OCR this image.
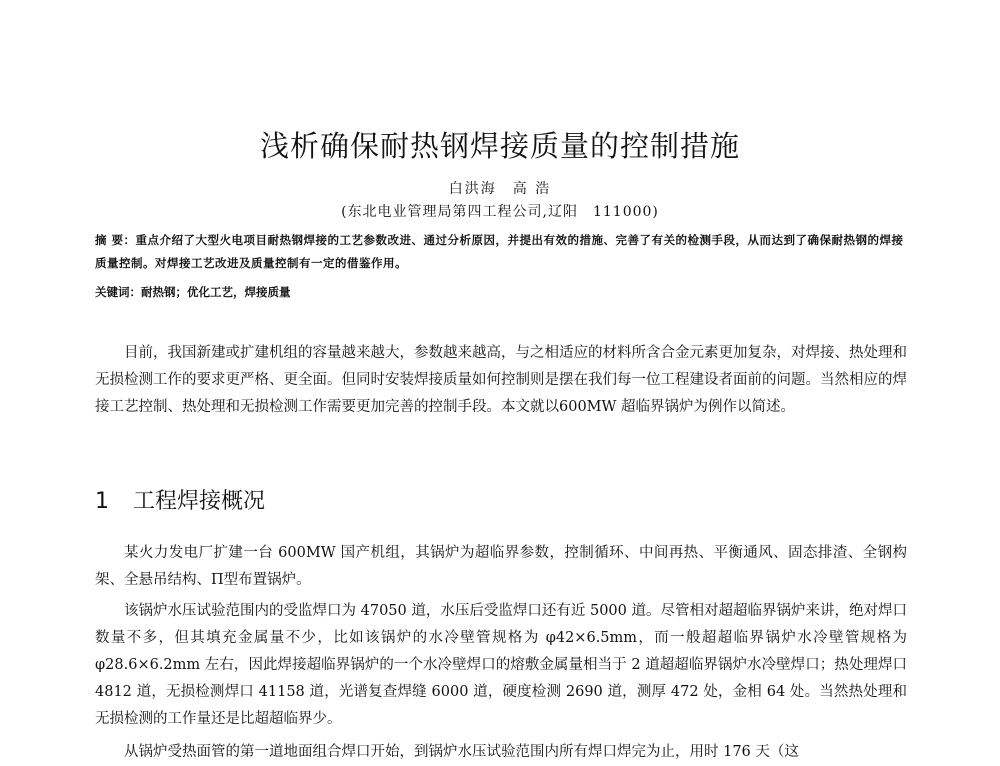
浅析确保耐热钢焊接质量的控制措施
白洪海　高 浩
(东北电业管理局第四工程公司,辽阳　111000)
摘 要：重点介绍了大型火电项目耐热钢焊接的工艺参数改进、通过分析原因，并提出有效的措施、完善了有关的检测手段，从而达到了确保耐热钢的焊接质量控制。对焊接工艺改进及质量控制有一定的借鉴作用。
关键词：耐热钢；优化工艺，焊接质量

目前，我国新建或扩建机组的容量越来越大，参数越来越高，与之相适应的材料所含合金元素更加复杂，对焊接、热处理和无损检测工作的要求更严格、更全面。但同时安装焊接质量如何控制则是摆在我们每一位工程建设者面前的问题。当然相应的焊接工艺控制、热处理和无损检测工作需要更加完善的控制手段。本文就以600MW 超临界锅炉为例作以简述。

1 工程焊接概况

某火力发电厂扩建一台 600MW 国产机组，其锅炉为超临界参数，控制循环、中间再热、平衡通风、固态排渣、全钢构架、全悬吊结构、Π型布置锅炉。

该锅炉水压试验范围内的受监焊口为 47050 道，水压后受监焊口还有近 5000 道。尽管相对超超临界锅炉来讲，绝对焊口数量不多，但其填充金属量不少，比如该锅炉的水冷壁管规格为 φ42×6.5mm，而一般超超临界锅炉水冷壁管规格为 φ28.6×6.2mm 左右，因此焊接超临界锅炉的一个水冷壁焊口的熔敷金属量相当于 2 道超超临界锅炉水冷壁焊口；热处理焊口 4812 道，无损检测焊口 41158 道，光谱复查焊缝 6000 道，硬度检测 2690 道，测厚 472 处，金相 64 处。当然热处理和无损检测的工作量还是比超超临界少。

从锅炉受热面管的第一道地面组合焊口开始，到锅炉水压试验范围内所有焊口焊完为止，用时 176 天（这
